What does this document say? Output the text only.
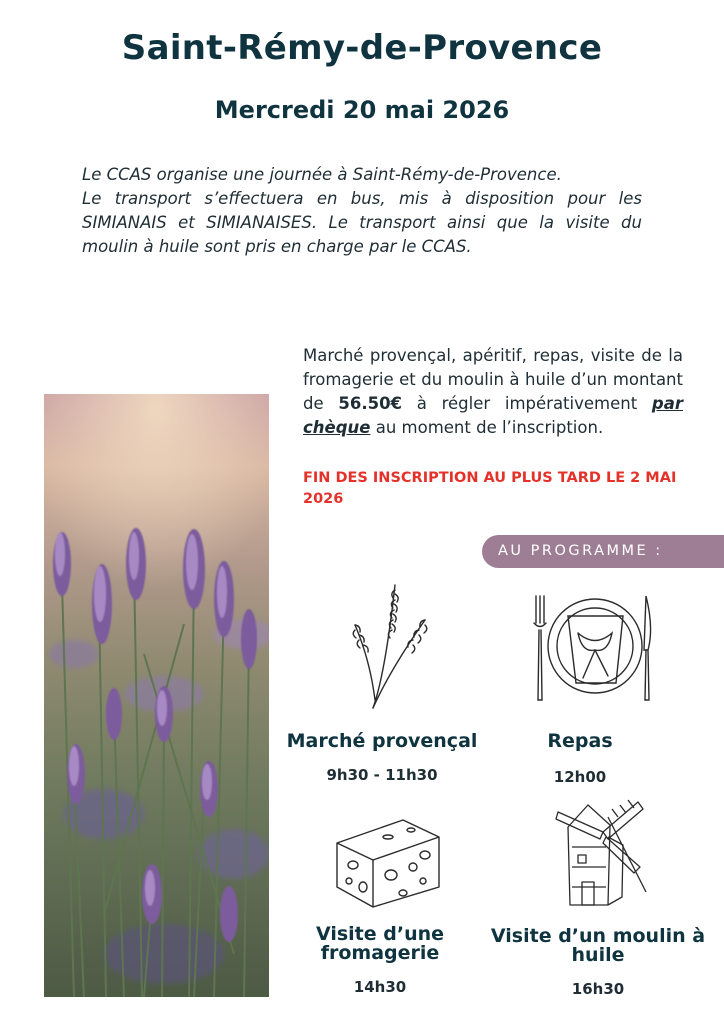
Saint-Rémy-de-Provence
Mercredi 20 mai 2026

Le CCAS organise une journée à Saint-Rémy-de-Provence.

Le transport s’effectuera en bus, mis à disposition pour les SIMIANAIS et SIMIANAISES. Le transport ainsi que la visite du moulin à huile sont pris en charge par le CCAS.

Marché provençal, apéritif, repas, visite de la fromagerie et du moulin à huile d’un montant de 56.50€ à régler impérativement par chèque au moment de l’inscription.

FIN DES INSCRIPTION AU PLUS TARD LE 2 MAI 2026
AU PROGRAMME :
Marché provençal
9h30 - 11h30
Repas
12h00
Visite d’une fromagerie
14h30
Visite d’un moulin à huile
16h30
